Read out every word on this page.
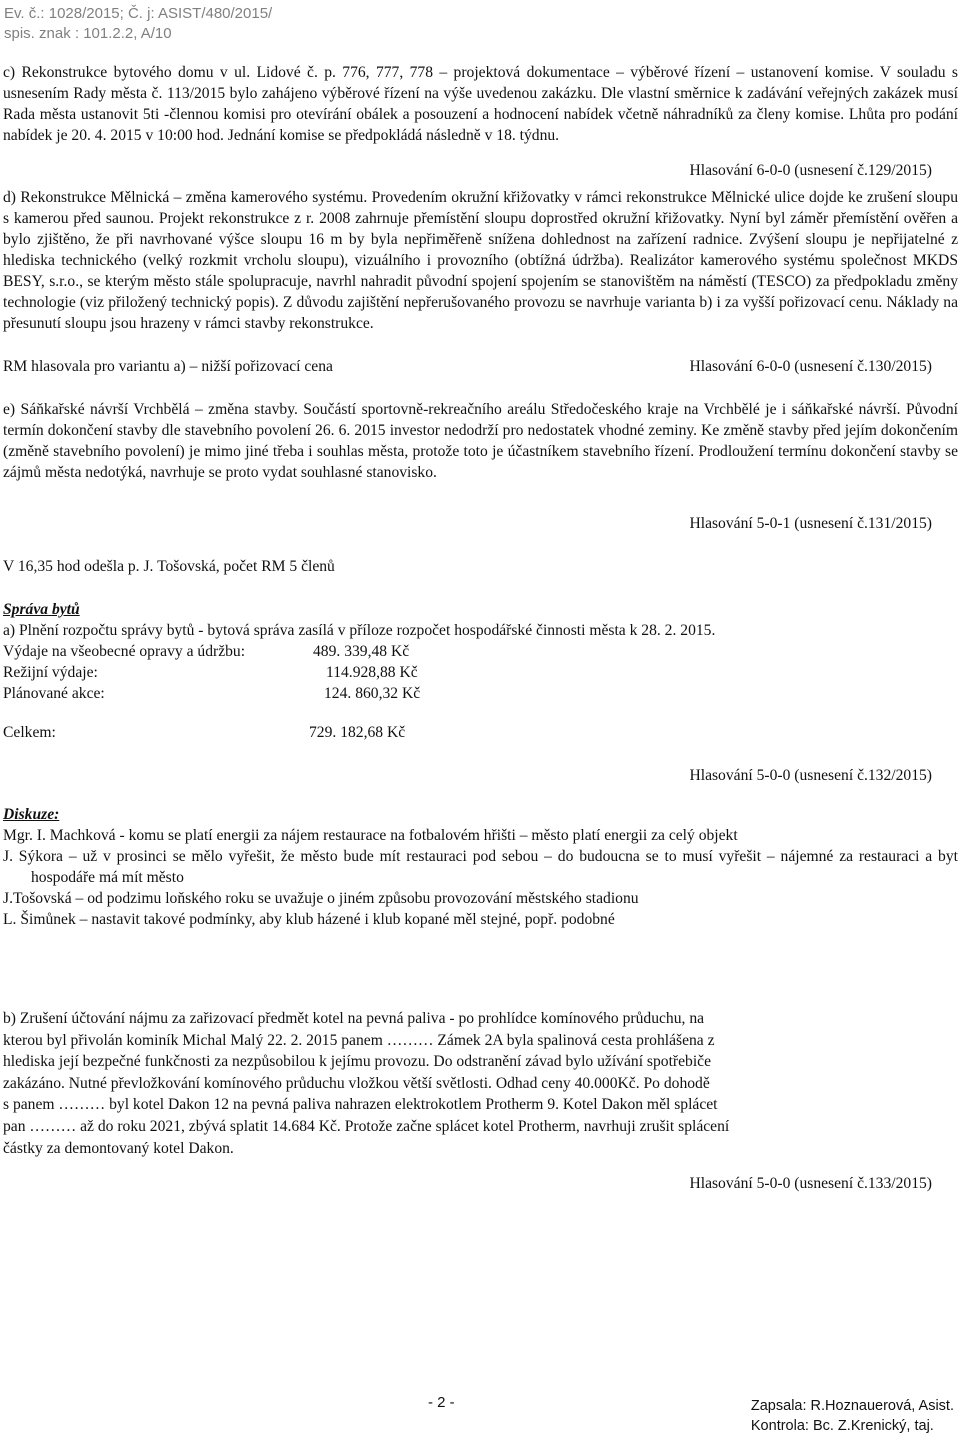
Ev. č.: 1028/2015; Č. j: ASIST/480/2015/
spis. znak : 101.2.2, A/10

c) Rekonstrukce bytového domu v ul. Lidové č. p. 776, 777, 778 – projektová dokumentace – výběrové řízení – ustanovení komise. V souladu s usnesením Rady města č. 113/2015 bylo zahájeno výběrové řízení na výše uvedenou zakázku. Dle vlastní směrnice k zadávání veřejných zakázek musí Rada města ustanovit 5ti -člennou komisi pro otevírání obálek a posouzení a hodnocení nabídek včetně náhradníků za členy komise. Lhůta pro podání nabídek je 20. 4. 2015 v 10:00 hod. Jednání komise se předpokládá následně v 18. týdnu.

Hlasování 6-0-0 (usnesení č.129/2015)

d) Rekonstrukce Mělnická – změna kamerového systému. Provedením okružní křižovatky v rámci rekonstrukce Mělnické ulice dojde ke zrušení sloupu s kamerou před saunou. Projekt rekonstrukce z r. 2008 zahrnuje přemístění sloupu doprostřed okružní křižovatky. Nyní byl záměr přemístění ověřen a bylo zjištěno, že při navrhované výšce sloupu 16 m by byla nepřiměřeně snížena dohlednost na zařízení radnice. Zvýšení sloupu je nepřijatelné z hlediska technického (velký rozkmit vrcholu sloupu), vizuálního i provozního (obtížná údržba). Realizátor kamerového systému společnost MKDS BESY, s.r.o., se kterým město stále spolupracuje, navrhl nahradit původní spojení spojením se stanovištěm na náměstí (TESCO) za předpokladu změny technologie (viz přiložený technický popis). Z důvodu zajištění nepřerušovaného provozu se navrhuje varianta b) i za vyšší pořizovací cenu. Náklady na přesunutí sloupu jsou hrazeny v rámci stavby rekonstrukce.

RM hlasovala pro variantu a) – nižší pořizovací cena	Hlasování 6-0-0 (usnesení č.130/2015)

e) Sáňkařské návrší Vrchbělá – změna stavby. Součástí sportovně-rekreačního areálu Středočeského kraje na Vrchbělé je i sáňkařské návrší. Původní termín dokončení stavby dle stavebního povolení 26. 6. 2015 investor nedodrží pro nedostatek vhodné zeminy. Ke změně stavby před jejím dokončením (změně stavebního povolení) je mimo jiné třeba i souhlas města, protože toto je účastníkem stavebního řízení. Prodloužení termínu dokončení stavby se zájmů města nedotýká, navrhuje se proto vydat souhlasné stanovisko.

Hlasování 5-0-1 (usnesení č.131/2015)

V 16,35 hod odešla p. J. Tošovská, počet RM 5 členů

Správa bytů

a) Plnění rozpočtu správy bytů - bytová správa zasílá v příloze rozpočet hospodářské činnosti města k 28. 2. 2015.

Výdaje na všeobecné opravy a údržbu:	489. 339,48 Kč
Režijní výdaje:	114.928,88 Kč
Plánované akce:	124. 860,32 Kč
Celkem:	729. 182,68 Kč

Hlasování 5-0-0 (usnesení č.132/2015)

Diskuze:
Mgr. I. Machková - komu se platí energii za nájem restaurace na fotbalovém hřišti – město platí energii za celý objekt
J. Sýkora – už v prosinci se mělo vyřešit, že město bude mít restauraci pod sebou – do budoucna se to musí vyřešit – nájemné za restauraci a byt hospodáře má mít město
J.Tošovská – od podzimu loňského roku se uvažuje o jiném způsobu provozování městského stadionu
L. Šimůnek – nastavit takové podmínky, aby klub házené i klub kopané měl stejné, popř. podobné
b) Zrušení účtování nájmu za zařizovací předmět kotel na pevná paliva - po prohlídce komínového průduchu, na
kterou byl přivolán kominík Michal Malý 22. 2. 2015 panem ……… Zámek 2A byla spalinová cesta prohlášena z
hlediska její bezpečné funkčnosti za nezpůsobilou k jejímu provozu. Do odstranění závad bylo užívání spotřebiče
zakázáno. Nutné převložkování komínového průduchu vložkou větší světlosti. Odhad ceny 40.000Kč. Po dohodě
s panem ……… byl kotel Dakon 12 na pevná paliva nahrazen elektrokotlem Protherm 9. Kotel Dakon měl splácet
pan ……… až do roku 2021, zbývá splatit 14.684 Kč. Protože začne splácet kotel Protherm, navrhuji zrušit splácení
částky za demontovaný kotel Dakon.

Hlasování 5-0-0 (usnesení č.133/2015)

- 2 -	Zapsala: R.Hoznauerová, Asist.
Kontrola: Bc. Z.Krenický, taj.
